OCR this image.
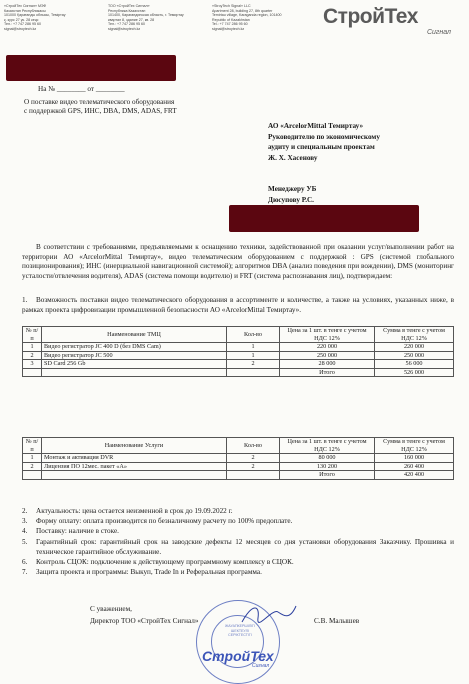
«СтройТех Сигнал» МЭФ
Казахстан Республикасы
101000 Қарағанды облысы, Теміртау
қ. курс 27 ук. 28 кеңс
Тел.: +7 747 286 95 60
signal@stroytech.kz
ТОО «СтройТех Сигнал»
Республика Казахстан
101400, Карагандинская область, г. Темиртау
квартал 8, здание 27, кв. 28
Тел.: +7 747 286 95 60
signal@stroytech.kz
«StroyTech Signal» LLC
Apartment 28, building 27, 8th quarter
Temirtau village, Karaganda region, 101400
Republic of Kazakhstan
Tel.: +7 747 286 95 60
signal@stroytech.kz
СтройТех
Сигнал
На № ________ от ________
О поставке видео телематического оборудования
с поддержкой GPS, ИНС, DBA, DMS, ADAS, FRT
АО «ArcelorMittal Темиртау»
Руководителю по экономическому
аудиту и специальным проектам
Ж. Х. Хасенову
Менеджеру УБ
Дюсупову Р.С.
В соответствии с требованиями, предъявляемыми к оснащению техники, задействованной при оказании услуг/выполнении работ на территории АО «ArcelorMittal Темиртау», видео телематическим оборудованием с поддержкой : GPS (системой глобального позиционирования); ИНС (инерциальной навигационной системой); алгоритмов DBA (анализ поведения при вождении), DMS (мониторинг усталости/отвлечения водителя), ADAS (система помощи водителю) и FRT (система распознавания лиц), подтверждаем:
1. Возможность поставки видео телематического оборудования в ассортименте и количестве, а также на условиях, указанных ниже, в рамках проекта цифровизации промышленной безопасности АО «ArcelorMittal Темиртау».
№ п/п	Наименование ТМЦ	Кол-во	Цена за 1 шт. в тенге с учетом НДС 12%	Сумма в тенге с учетом НДС 12%
1	Видео регистратор JC 400 D (без DMS Cam)	1	220 000	220 000
2	Видео регистратор JC 500	1	250 000	250 000
3	SD Card 256 Gb	2	28 000	56 000
			Итого	526 000
№ п/п	Наименование Услуги	Кол-во	Цена за 1 шт. в тенге с учетом НДС 12%	Сумма в тенге с учетом НДС 12%
1	Монтаж и активация DVR	2	80 000	160 000
2	Лицензия ПО 12мес. пакет «А»	2	130 200	260 400
			Итого	420 400
2. Актуальность: цена остается неизменной в срок до 19.09.2022 г.
3. Форму оплату: оплата производится по безналичному расчету по 100% предоплате.
4. Поставку: наличие в стоке.
5.	Гарантийный срок: гарантийный срок на заводские дефекты 12 месяцев со дня установки оборудования Заказчику. Прошивка и техническое гарантийное обслуживание.
6. Контроль СЦОК: подключение к действующему программному комплексу в СЦОК.
7. Защита проекта и программы: Выкуп, Trade In и Реферальная программа.
ЖАУАПКЕРШІЛІГІ ШЕКТЕУЛІ СЕРІКТЕСТІГІ
СтройТех
Сигнал
С уважением,
Директор ТОО «СтройТех Сигнал»	С.В. Малышев
